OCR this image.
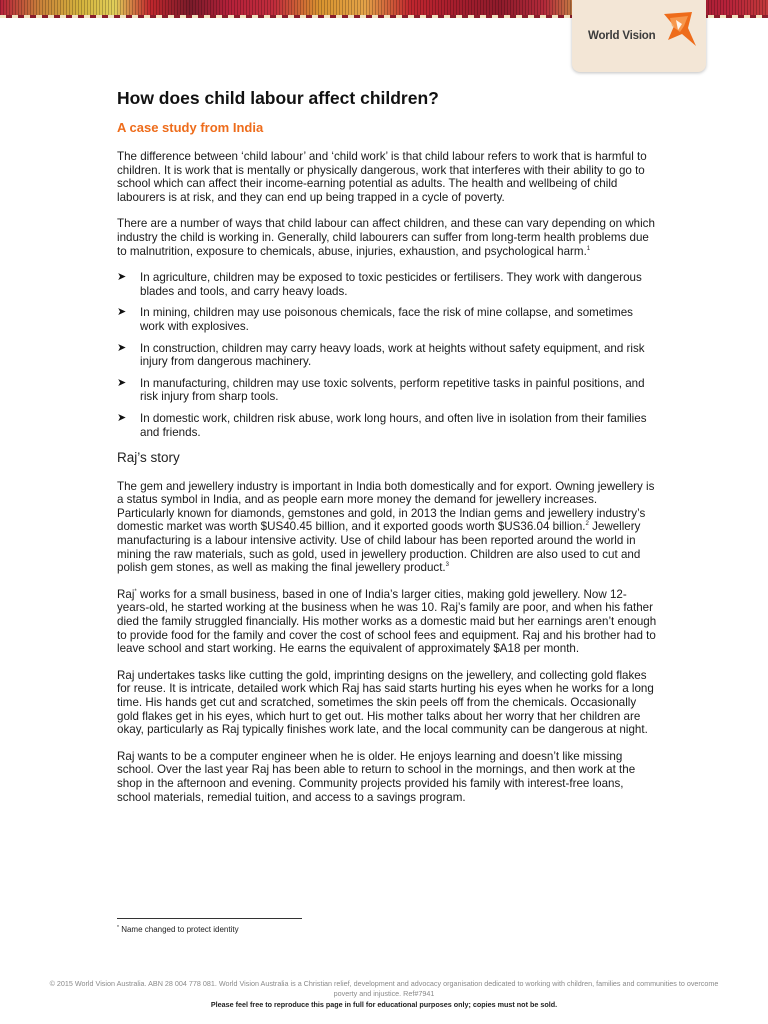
World Vision
How does child labour affect children?
A case study from India

The difference between ‘child labour’ and ‘child work’ is that child labour refers to work that is harmful to children. It is work that is mentally or physically dangerous, work that interferes with their ability to go to school which can affect their income-earning potential as adults. The health and wellbeing of child labourers is at risk, and they can end up being trapped in a cycle of poverty.

There are a number of ways that child labour can affect children, and these can vary depending on which industry the child is working in. Generally, child labourers can suffer from long-term health problems due to malnutrition, exposure to chemicals, abuse, injuries, exhaustion, and psychological harm.$^1$

➤ In agriculture, children may be exposed to toxic pesticides or fertilisers. They work with dangerous blades and tools, and carry heavy loads.
➤ In mining, children may use poisonous chemicals, face the risk of mine collapse, and sometimes work with explosives.
➤ In construction, children may carry heavy loads, work at heights without safety equipment, and risk injury from dangerous machinery.
➤ In manufacturing, children may use toxic solvents, perform repetitive tasks in painful positions, and risk injury from sharp tools.
➤ In domestic work, children risk abuse, work long hours, and often live in isolation from their families and friends.
Raj’s story

The gem and jewellery industry is important in India both domestically and for export. Owning jewellery is a status symbol in India, and as people earn more money the demand for jewellery increases. Particularly known for diamonds, gemstones and gold, in 2013 the Indian gems and jewellery industry’s domestic market was worth $US40.45 billion, and it exported goods worth $US36.04 billion.$^2$ Jewellery manufacturing is a labour intensive activity. Use of child labour has been reported around the world in mining the raw materials, such as gold, used in jewellery production. Children are also used to cut and polish gem stones, as well as making the final jewellery product.$^3$

Raj* works for a small business, based in one of India’s larger cities, making gold jewellery. Now 12-years-old, he started working at the business when he was 10. Raj’s family are poor, and when his father died the family struggled financially. His mother works as a domestic maid but her earnings aren’t enough to provide food for the family and cover the cost of school fees and equipment. Raj and his brother had to leave school and start working. He earns the equivalent of approximately $A18 per month.

Raj undertakes tasks like cutting the gold, imprinting designs on the jewellery, and collecting gold flakes for reuse. It is intricate, detailed work which Raj has said starts hurting his eyes when he works for a long time. His hands get cut and scratched, sometimes the skin peels off from the chemicals. Occasionally gold flakes get in his eyes, which hurt to get out. His mother talks about her worry that her children are okay, particularly as Raj typically finishes work late, and the local community can be dangerous at night.

Raj wants to be a computer engineer when he is older. He enjoys learning and doesn’t like missing school. Over the last year Raj has been able to return to school in the mornings, and then work at the shop in the afternoon and evening. Community projects provided his family with interest-free loans, school materials, remedial tuition, and access to a savings program.

* Name changed to protect identity
© 2015 World Vision Australia. ABN 28 004 778 081. World Vision Australia is a Christian relief, development and advocacy organisation dedicated to working with children, families and communities to overcome poverty and injustice. Ref#7941
Please feel free to reproduce this page in full for educational purposes only; copies must not be sold.
